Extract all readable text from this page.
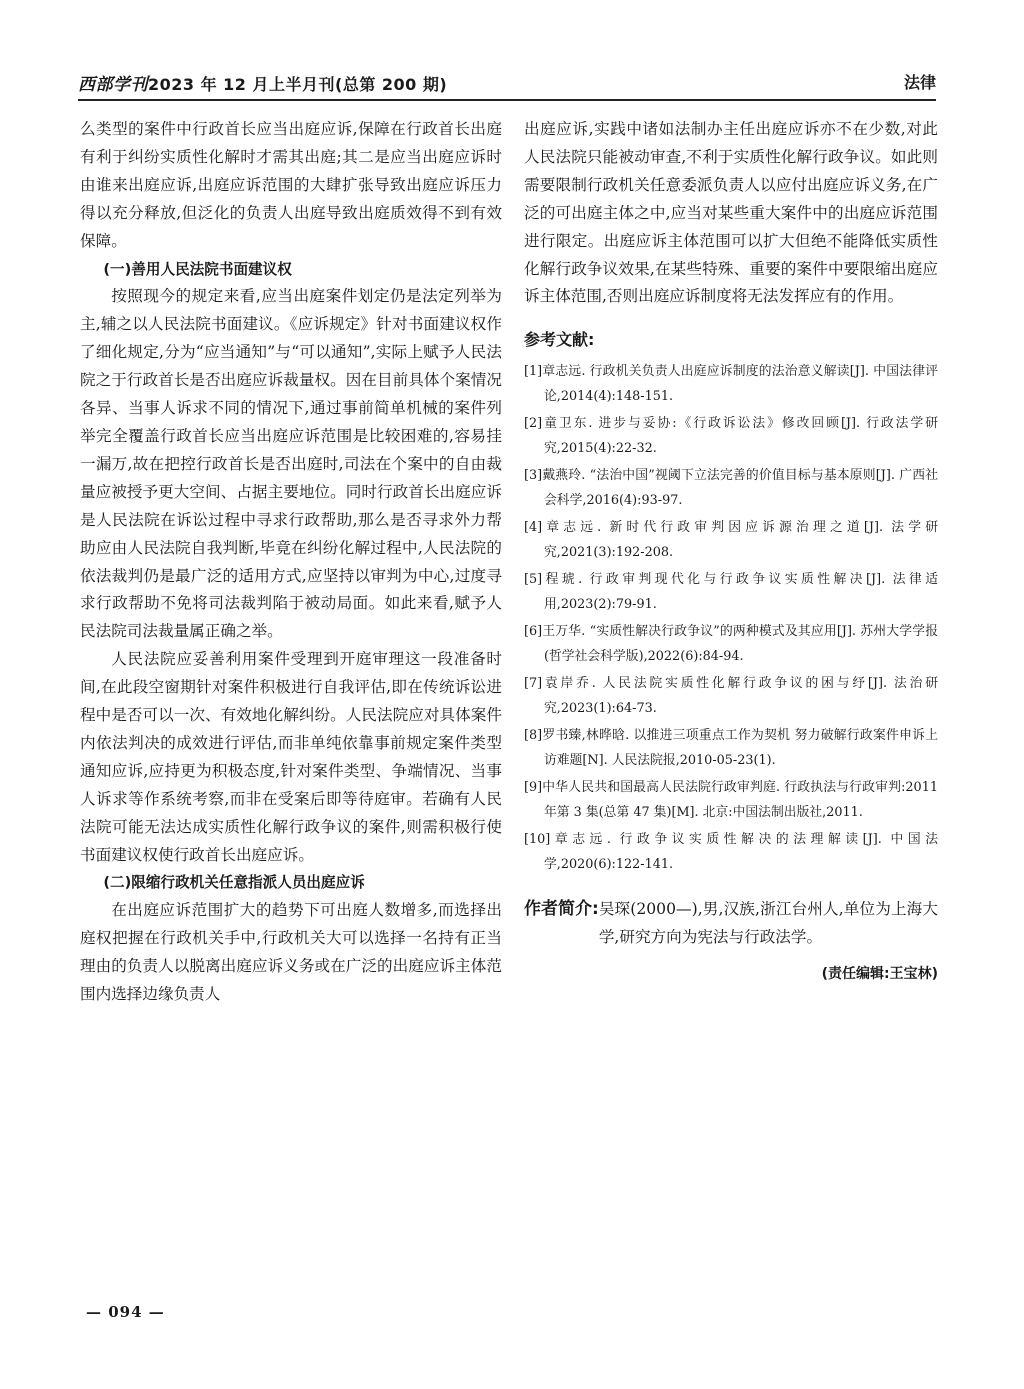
西部学刊2023 年 12 月上半月刊(总第 200 期)	法律

么类型的案件中行政首长应当出庭应诉,保障在行政首长出庭有利于纠纷实质性化解时才需其出庭;其二是应当出庭应诉时由谁来出庭应诉,出庭应诉范围的大肆扩张导致出庭应诉压力得以充分释放,但泛化的负责人出庭导致出庭质效得不到有效保障。

(一)善用人民法院书面建议权

按照现今的规定来看,应当出庭案件划定仍是法定列举为主,辅之以人民法院书面建议。《应诉规定》针对书面建议权作了细化规定,分为“应当通知”与“可以通知”,实际上赋予人民法院之于行政首长是否出庭应诉裁量权。因在目前具体个案情况各异、当事人诉求不同的情况下,通过事前简单机械的案件列举完全覆盖行政首长应当出庭应诉范围是比较困难的,容易挂一漏万,故在把控行政首长是否出庭时,司法在个案中的自由裁量应被授予更大空间、占据主要地位。同时行政首长出庭应诉是人民法院在诉讼过程中寻求行政帮助,那么是否寻求外力帮助应由人民法院自我判断,毕竟在纠纷化解过程中,人民法院的依法裁判仍是最广泛的适用方式,应坚持以审判为中心,过度寻求行政帮助不免将司法裁判陷于被动局面。如此来看,赋予人民法院司法裁量属正确之举。

人民法院应妥善利用案件受理到开庭审理这一段准备时间,在此段空窗期针对案件积极进行自我评估,即在传统诉讼进程中是否可以一次、有效地化解纠纷。人民法院应对具体案件内依法判决的成效进行评估,而非单纯依靠事前规定案件类型通知应诉,应持更为积极态度,针对案件类型、争端情况、当事人诉求等作系统考察,而非在受案后即等待庭审。若确有人民法院可能无法达成实质性化解行政争议的案件,则需积极行使书面建议权使行政首长出庭应诉。

(二)限缩行政机关任意指派人员出庭应诉

在出庭应诉范围扩大的趋势下可出庭人数增多,而选择出庭权把握在行政机关手中,行政机关大可以选择一名持有正当理由的负责人以脱离出庭应诉义务或在广泛的出庭应诉主体范围内选择边缘负责人

出庭应诉,实践中诸如法制办主任出庭应诉亦不在少数,对此人民法院只能被动审查,不利于实质性化解行政争议。如此则需要限制行政机关任意委派负责人以应付出庭应诉义务,在广泛的可出庭主体之中,应当对某些重大案件中的出庭应诉范围进行限定。出庭应诉主体范围可以扩大但绝不能降低实质性化解行政争议效果,在某些特殊、重要的案件中要限缩出庭应诉主体范围,否则出庭应诉制度将无法发挥应有的作用。

参考文献:
[1]章志远. 行政机关负责人出庭应诉制度的法治意义解读[J]. 中国法律评论,2014(4):148-151.
[2]童卫东. 进步与妥协:《行政诉讼法》修改回顾[J]. 行政法学研究,2015(4):22-32.
[3]戴燕玲. “法治中国”视阈下立法完善的价值目标与基本原则[J]. 广西社会科学,2016(4):93-97.
[4]章志远. 新时代行政审判因应诉源治理之道[J]. 法学研究,2021(3):192-208.
[5]程琥. 行政审判现代化与行政争议实质性解决[J]. 法律适用,2023(2):79-91.
[6]王万华. “实质性解决行政争议”的两种模式及其应用[J]. 苏州大学学报(哲学社会科学版),2022(6):84-94.
[7]袁岸乔. 人民法院实质性化解行政争议的困与纾[J]. 法治研究,2023(1):64-73.
[8]罗书臻,林晔晗. 以推进三项重点工作为契机 努力破解行政案件申诉上访难题[N]. 人民法院报,2010-05-23(1).
[9]中华人民共和国最高人民法院行政审判庭. 行政执法与行政审判:2011 年第 3 集(总第 47 集)[M]. 北京:中国法制出版社,2011.
[10]章志远. 行政争议实质性解决的法理解读[J]. 中国法学,2020(6):122-141.
作者简介: 吴琛(2000—),男,汉族,浙江台州人,单位为上海大学,研究方向为宪法与行政法学。
(责任编辑:王宝林)
— 094 —
